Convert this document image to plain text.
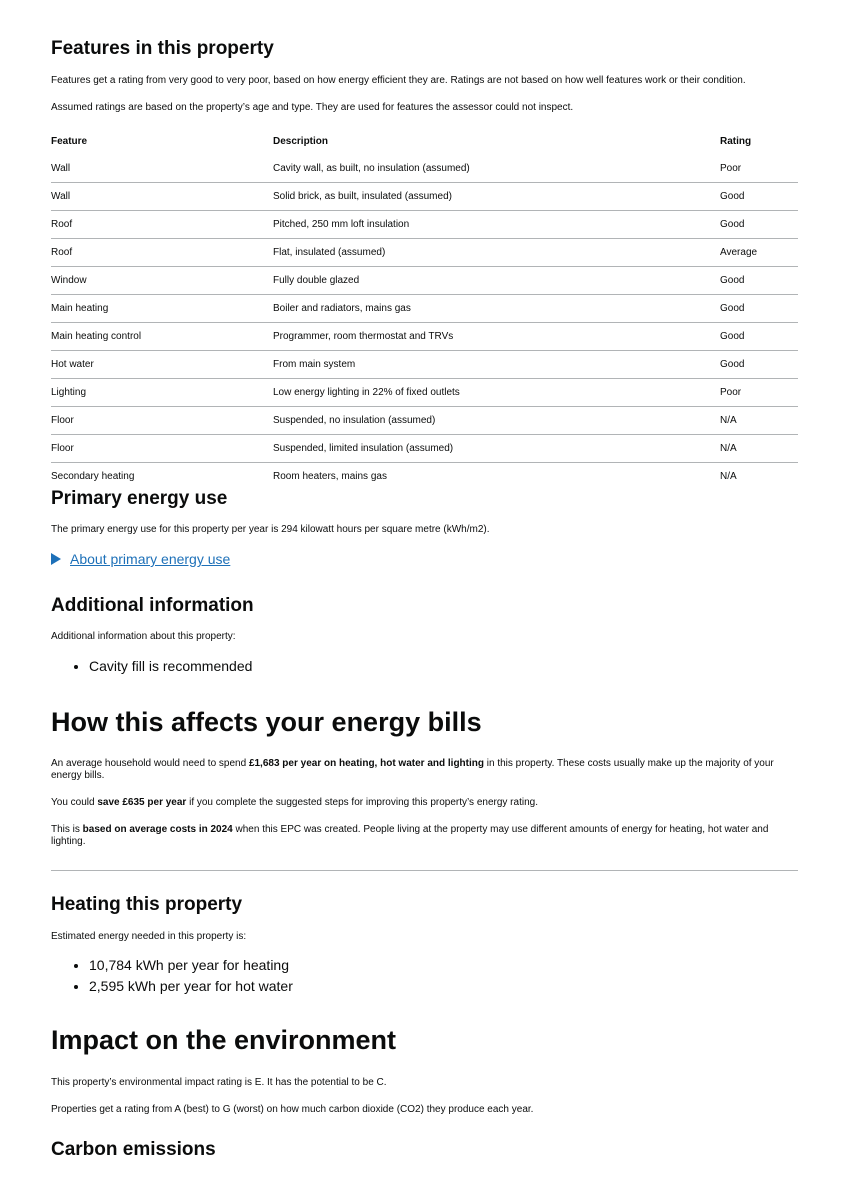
Features in this property

Features get a rating from very good to very poor, based on how energy efficient they are. Ratings are not based on how well features work or their condition.

Assumed ratings are based on the property’s age and type. They are used for features the assessor could not inspect.

Feature	Description	Rating
Wall	Cavity wall, as built, no insulation (assumed)	Poor
Wall	Solid brick, as built, insulated (assumed)	Good
Roof	Pitched, 250 mm loft insulation	Good
Roof	Flat, insulated (assumed)	Average
Window	Fully double glazed	Good
Main heating	Boiler and radiators, mains gas	Good
Main heating control	Programmer, room thermostat and TRVs	Good
Hot water	From main system	Good
Lighting	Low energy lighting in 22% of fixed outlets	Poor
Floor	Suspended, no insulation (assumed)	N/A
Floor	Suspended, limited insulation (assumed)	N/A
Secondary heating	Room heaters, mains gas	N/A
Primary energy use

The primary energy use for this property per year is 294 kilowatt hours per square metre (kWh/m2).

About primary energy use
Additional information

Additional information about this property:

• Cavity fill is recommended
How this affects your energy bills

An average household would need to spend £1,683 per year on heating, hot water and lighting in this property. These costs usually make up the majority of your energy bills.

You could save £635 per year if you complete the suggested steps for improving this property’s energy rating.

This is based on average costs in 2024 when this EPC was created. People living at the property may use different amounts of energy for heating, hot water and lighting.

Heating this property

Estimated energy needed in this property is:

• 10,784 kWh per year for heating
• 2,595 kWh per year for hot water
Impact on the environment

This property’s environmental impact rating is E. It has the potential to be C.

Properties get a rating from A (best) to G (worst) on how much carbon dioxide (CO2) they produce each year.

Carbon emissions
